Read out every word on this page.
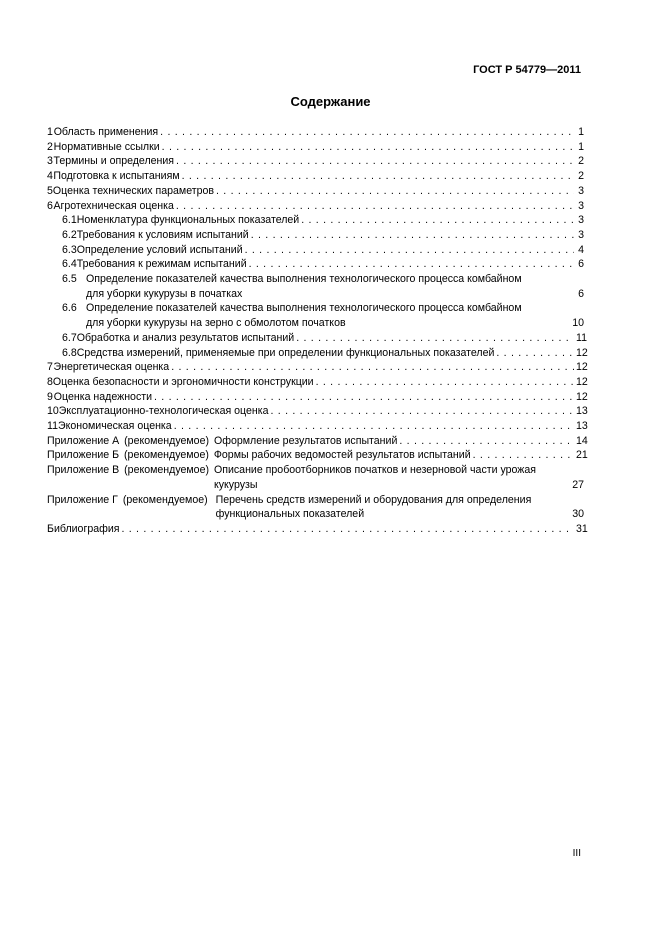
ГОСТ Р 54779—2011
Содержание
1 Область применения . . .	1
2 Нормативные ссылки . . .	1
3 Термины и определения . . .	2
4 Подготовка к испытаниям . . .	2
5 Оценка технических параметров . . .	3
6 Агротехническая оценка . . .	3
6.1 Номенклатура функциональных показателей . . .	3
6.2 Требования к условиям испытаний . . .	3
6.3 Определение условий испытаний . . .	4
6.4 Требования к режимам испытаний . . .	6
6.5 Определение показателей качества выполнения технологического процесса комбайном
для уборки кукурузы в початках	6
6.6 Определение показателей качества выполнения технологического процесса комбайном
для уборки кукурузы на зерно с обмолотом початков	10
6.7 Обработка и анализ результатов испытаний . . .	11
6.8 Средства измерений, применяемые при определении функциональных показателей . . .	12
7 Энергетическая оценка . . .	12
8 Оценка безопасности и эргономичности конструкции . . .	12
9 Оценка надежности . . .	12
10 Эксплуатационно-технологическая оценка . . .	13
11 Экономическая оценка . . .	13
Приложение А (рекомендуемое) Оформление результатов испытаний . . .	14
Приложение Б (рекомендуемое) Формы рабочих ведомостей результатов испытаний . . .	21
Приложение В (рекомендуемое) Описание пробоотборников початков и незерновой части урожая
кукурузы	27
Приложение Г (рекомендуемое) Перечень средств измерений и оборудования для определения
функциональных показателей	30
Библиография . . .	31
III
